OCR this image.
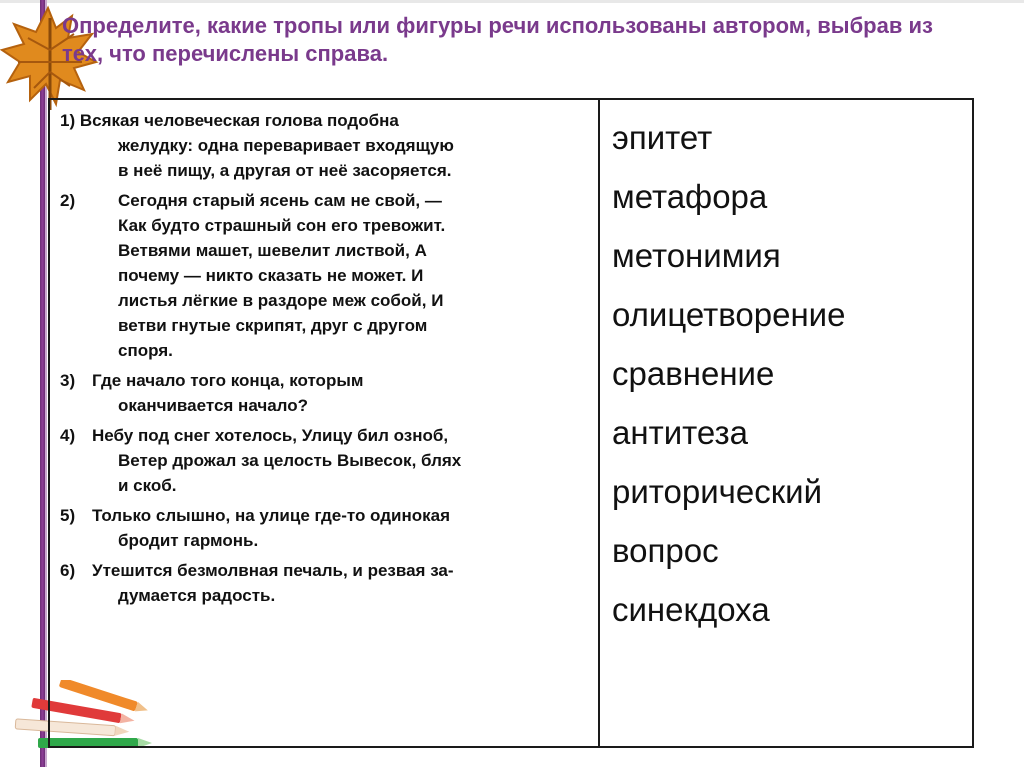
Определите, какие тропы или фигуры речи использованы автором, выбрав из тех, что перечислены справа.
1)
Всякая человеческая голова подобна
желудку: одна переваривает входящую
в неё пищу, а другая от неё засоряется.
2)	Сегодня старый ясень сам не свой, —
Как будто страшный сон его тревожит.
Ветвями машет, шевелит листвой, А
почему — никто сказать не может. И
листья лёгкие в раздоре меж собой, И
ветви гнутые скрипят, друг с другом
споря.
3) Где начало того конца, которым
оканчивается начало?
4) Небу под снег хотелось, Улицу бил озноб,
Ветер дрожал за целость Вывесок, блях
и скоб.
5) Только слышно, на улице где-то одинокая
бродит гармонь.
6) Утешится безмолвная печаль, и резвая за-
думается радость.
эпитет
метафора
метонимия
олицетворение
сравнение
антитеза
риторический
вопрос
синекдоха
